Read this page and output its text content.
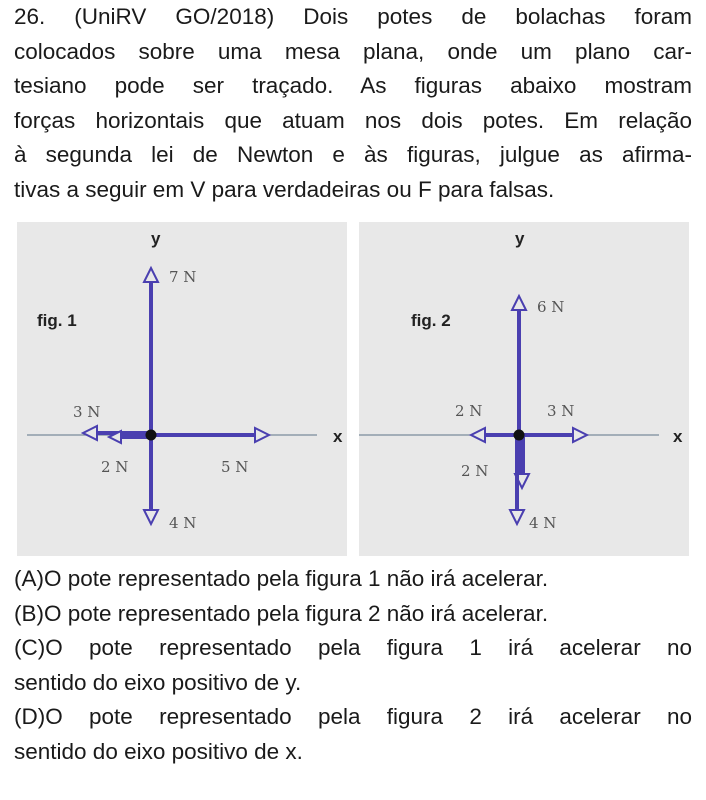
26. (UniRV GO/2018) Dois potes de bolachas foram
colocados sobre uma mesa plana, onde um plano car-
tesiano pode ser traçado. As figuras abaixo mostram
forças horizontais que atuam nos dois potes. Em relação
à segunda lei de Newton e às figuras, julgue as afirma-
tivas a seguir em V para verdadeiras ou F para falsas.
x
y
fig. 1
7 N
4 N
3 N
2 N	5 N
x
y
fig. 2
6 N
2 N
4 N
2 N	3 N
(A)O pote representado pela figura 1 não irá acelerar.
(B)O pote representado pela figura 2 não irá acelerar.
(C)O pote representado pela figura 1 irá acelerar no
sentido do eixo positivo de y.
(D)O pote representado pela figura 2 irá acelerar no
sentido do eixo positivo de x.
